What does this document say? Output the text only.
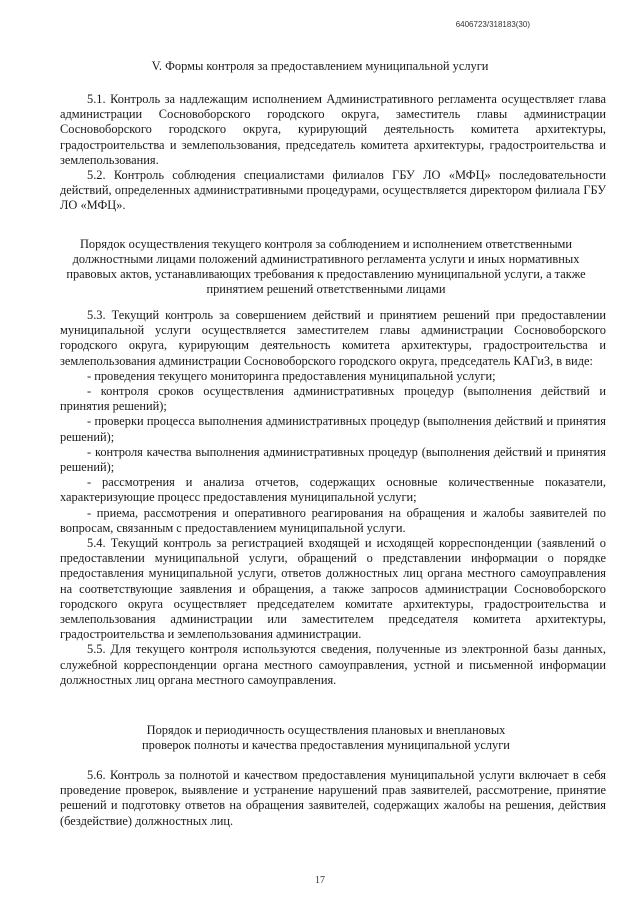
6406723/318183(30)
V. Формы контроля за предоставлением муниципальной услуги

5.1. Контроль за надлежащим исполнением Административного регламента осуществляет глава администрации Сосновоборского городского округа, заместитель главы администрации Сосновоборского городского округа, курирующий деятельность комитета архитектуры, градостроительства и землепользования, председатель комитета архитектуры, градостроительства и землепользования.

5.2. Контроль соблюдения специалистами филиалов ГБУ ЛО «МФЦ» последовательности действий, определенных административными процедурами, осуществляется директором филиала ГБУ ЛО «МФЦ».

Порядок осуществления текущего контроля за соблюдением и исполнением ответственными должностными лицами положений административного регламента услуги и иных нормативных правовых актов, устанавливающих требования к предоставлению муниципальной услуги, а также принятием решений ответственными лицами

5.3. Текущий контроль за совершением действий и принятием решений при предоставлении муниципальной услуги осуществляется заместителем главы администрации Сосновоборского городского округа, курирующим деятельность комитета архитектуры, градостроительства и землепользования администрации Сосновоборского городского округа, председатель КАГиЗ, в виде:

- проведения текущего мониторинга предоставления муниципальной услуги;

- контроля сроков осуществления административных процедур (выполнения действий и принятия решений);

- проверки процесса выполнения административных процедур (выполнения действий и принятия решений);

- контроля качества выполнения административных процедур (выполнения действий и принятия решений);

- рассмотрения и анализа отчетов, содержащих основные количественные показатели, характеризующие процесс предоставления муниципальной услуги;

- приема, рассмотрения и оперативного реагирования на обращения и жалобы заявителей по вопросам, связанным с предоставлением муниципальной услуги.

5.4. Текущий контроль за регистрацией входящей и исходящей корреспонденции (заявлений о предоставлении муниципальной услуги, обращений о представлении информации о порядке предоставления муниципальной услуги, ответов должностных лиц органа местного самоуправления на соответствующие заявления и обращения, а также запросов администрации Сосновоборского городского округа осуществляет председателем комитате архитектуры, градостроительства и землепользования администрации или заместителем председателя комитета архитектуры, градостроительства и землепользования администрации.

5.5. Для текущего контроля используются сведения, полученные из электронной базы данных, служебной корреспонденции органа местного самоуправления, устной и письменной информации должностных лиц органа местного самоуправления.

Порядок и периодичность осуществления плановых и внеплановых
проверок полноты и качества предоставления муниципальной услуги

5.6. Контроль за полнотой и качеством предоставления муниципальной услуги включает в себя проведение проверок, выявление и устранение нарушений прав заявителей, рассмотрение, принятие решений и подготовку ответов на обращения заявителей, содержащих жалобы на решения, действия (бездействие) должностных лиц.

17
